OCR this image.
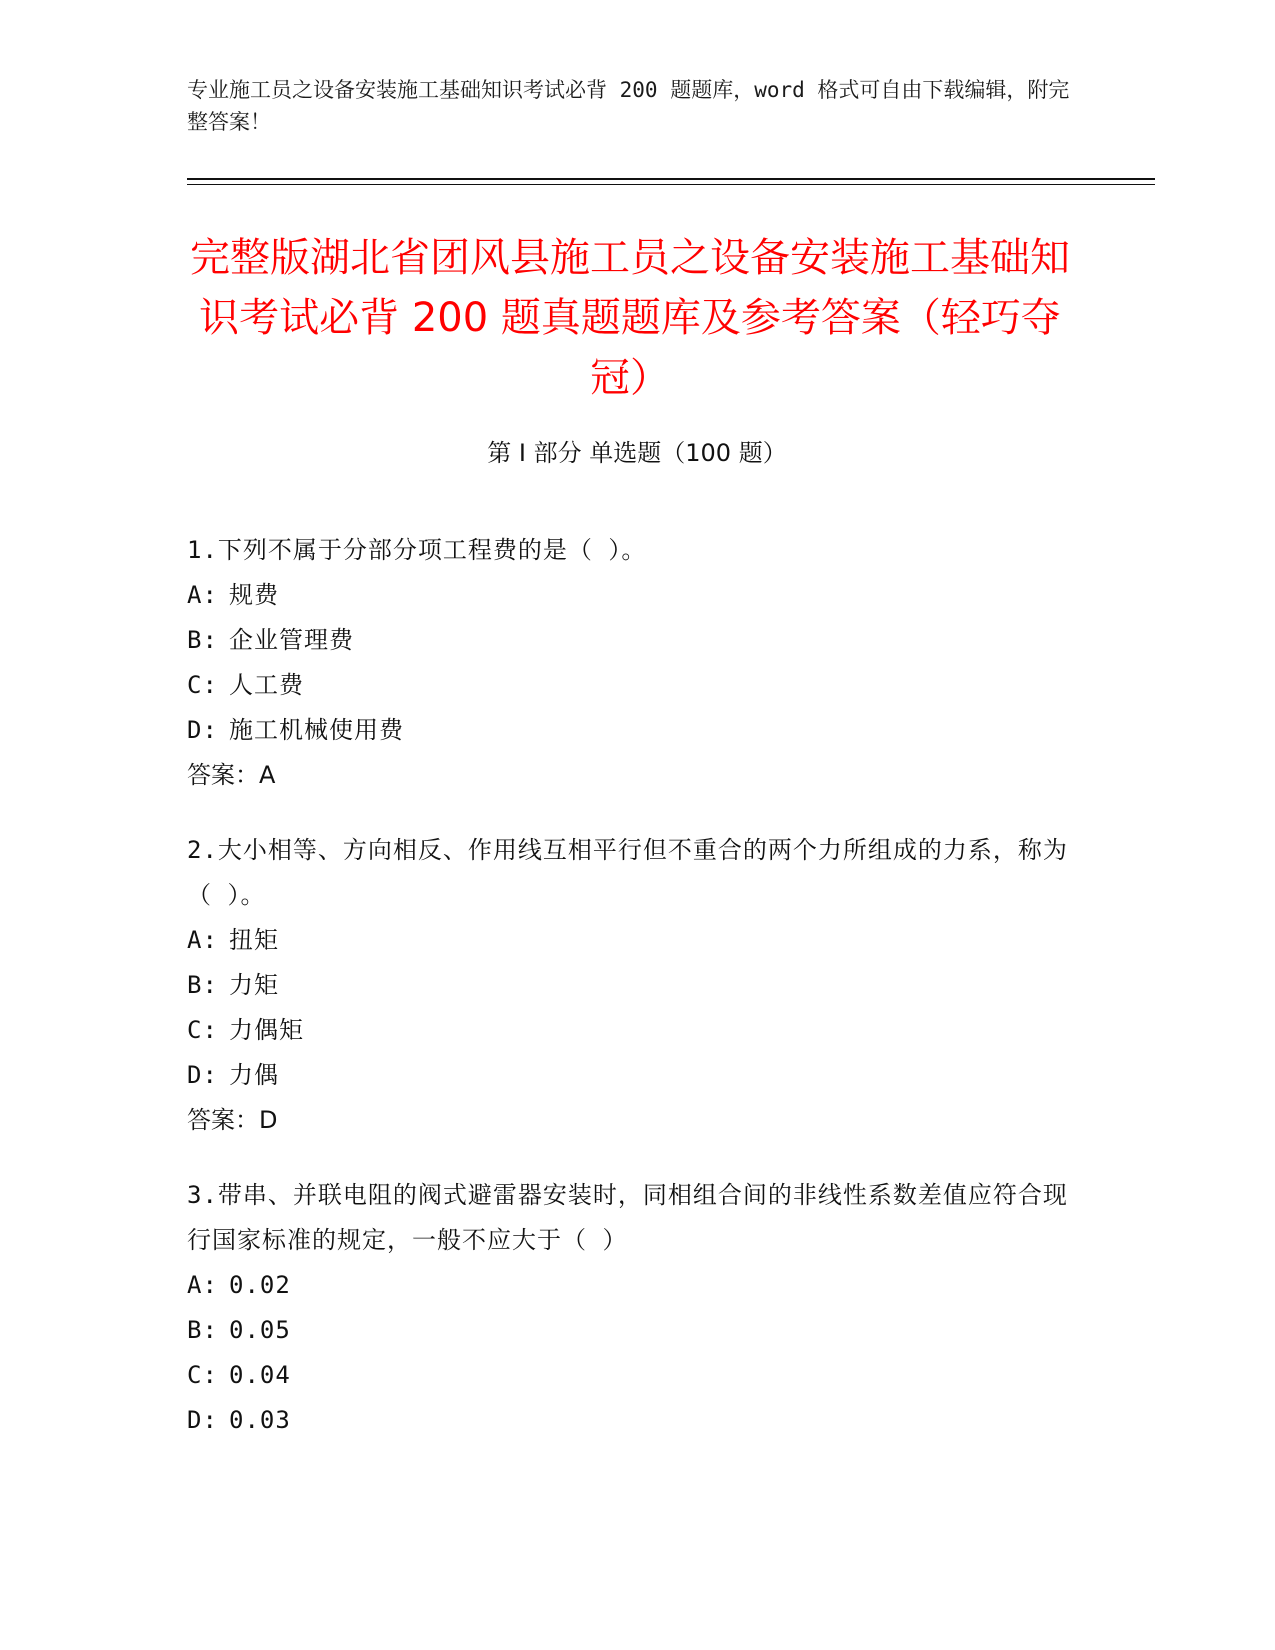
专业施工员之设备安装施工基础知识考试必背 200 题题库，word 格式可自由下载编辑，附完整答案！
完整版湖北省团风县施工员之设备安装施工基础知识考试必背 200 题真题题库及参考答案（轻巧夺冠）
第 I 部分 单选题（100 题）
1.下列不属于分部分项工程费的是（ ）。
A: 规费
B: 企业管理费
C: 人工费
D: 施工机械使用费
答案：A
2.大小相等、方向相反、作用线互相平行但不重合的两个力所组成的力系，称为（ ）。
A: 扭矩
B: 力矩
C: 力偶矩
D: 力偶
答案：D
3.带串、并联电阻的阀式避雷器安装时，同相组合间的非线性系数差值应符合现行国家标准的规定，一般不应大于（ ）
A: 0.02
B: 0.05
C: 0.04
D: 0.03
